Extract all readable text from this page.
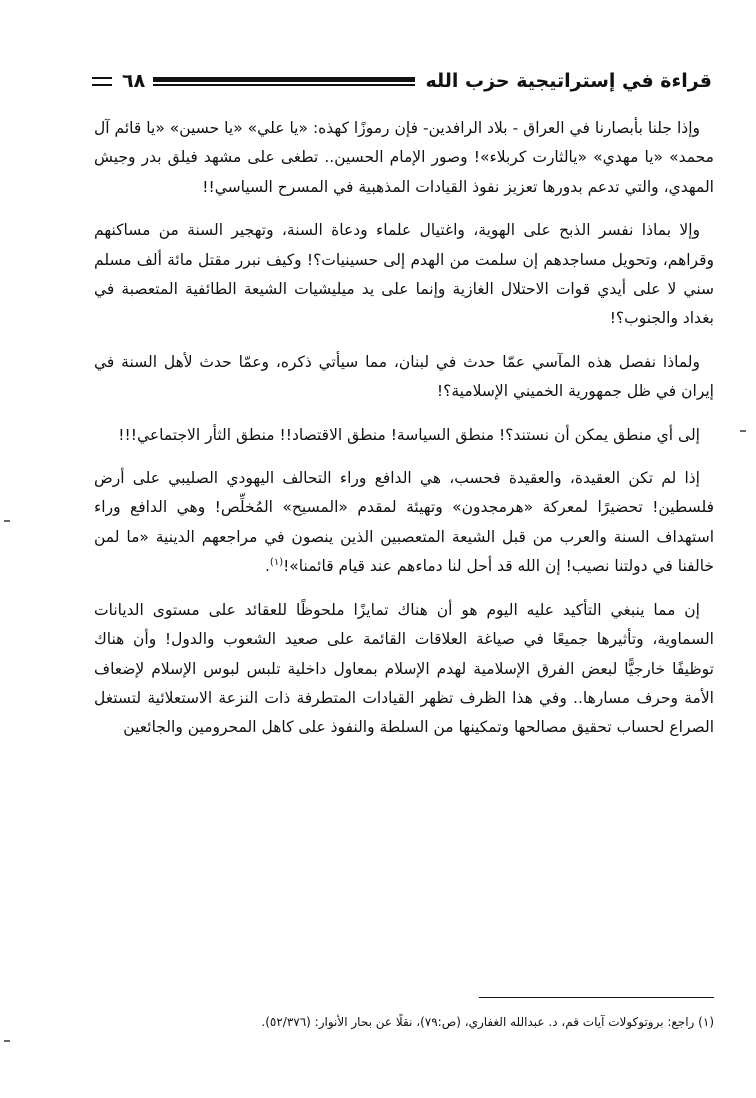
قراءة في إستراتيجية حزب الله
٦٨

وإذا جلنا بأبصارنا في العراق - بلاد الرافدين- فإن رموزًا كهذه: «يا علي» «يا حسين» «يا قائم آل محمد» «يا مهدي» «يالثارت كربلاء»! وصور الإمام الحسين.. تطغى على مشهد فيلق بدر وجيش المهدي، والتي تدعم بدورها تعزيز نفوذ القيادات المذهبية في المسرح السياسي!!

وإلا بماذا نفسر الذبح على الهوية، واغتيال علماء ودعاة السنة، وتهجير السنة من مساكنهم وقراهم، وتحويل مساجدهم إن سلمت من الهدم إلى حسينيات؟! وكيف نبرر مقتل مائة ألف مسلم سني لا على أيدي قوات الاحتلال الغازية وإنما على يد ميليشيات الشيعة الطائفية المتعصبة في بغداد والجنوب؟!

ولماذا نفصل هذه المآسي عمّا حدث في لبنان، مما سيأتي ذكره، وعمّا حدث لأهل السنة في إيران في ظل جمهورية الخميني الإسلامية؟!

إلى أي منطق يمكن أن نستند؟! منطق السياسة! منطق الاقتصاد!! منطق الثأر الاجتماعي!!!

إذا لم تكن العقيدة، والعقيدة فحسب، هي الدافع وراء التحالف اليهودي الصليبي على أرض فلسطين! تحضيرًا لمعركة «هرمجدون» وتهيئة لمقدم «المسيح» المُخلِّص! وهي الدافع وراء استهداف السنة والعرب من قبل الشيعة المتعصبين الذين ينصون في مراجعهم الدينية «ما لمن خالفنا في دولتنا نصيب! إن الله قد أحل لنا دماءهم عند قيام قائمنا»!$^{(١)}$.

إن مما ينبغي التأكيد عليه اليوم هو أن هناك تمايزًا ملحوظًا للعقائد على مستوى الديانات السماوية، وتأثيرها جميعًا في صياغة العلاقات القائمة على صعيد الشعوب والدول! وأن هناك توظيفًا خارجيًّا لبعض الفرق الإسلامية لهدم الإسلام بمعاول داخلية تلبس لبوس الإسلام لإضعاف الأمة وحرف مسارها.. وفي هذا الظرف تظهر القيادات المتطرفة ذات النزعة الاستعلائية لتستغل الصراع لحساب تحقيق مصالحها وتمكينها من السلطة والنفوذ على كاهل المحرومين والجائعين

(١) راجع: بروتوكولات آيات قم، د. عبدالله الغفاري، (ص:٧٩)، نقلًا عن بحار الأنوار: (٥٢/٣٧٦).
